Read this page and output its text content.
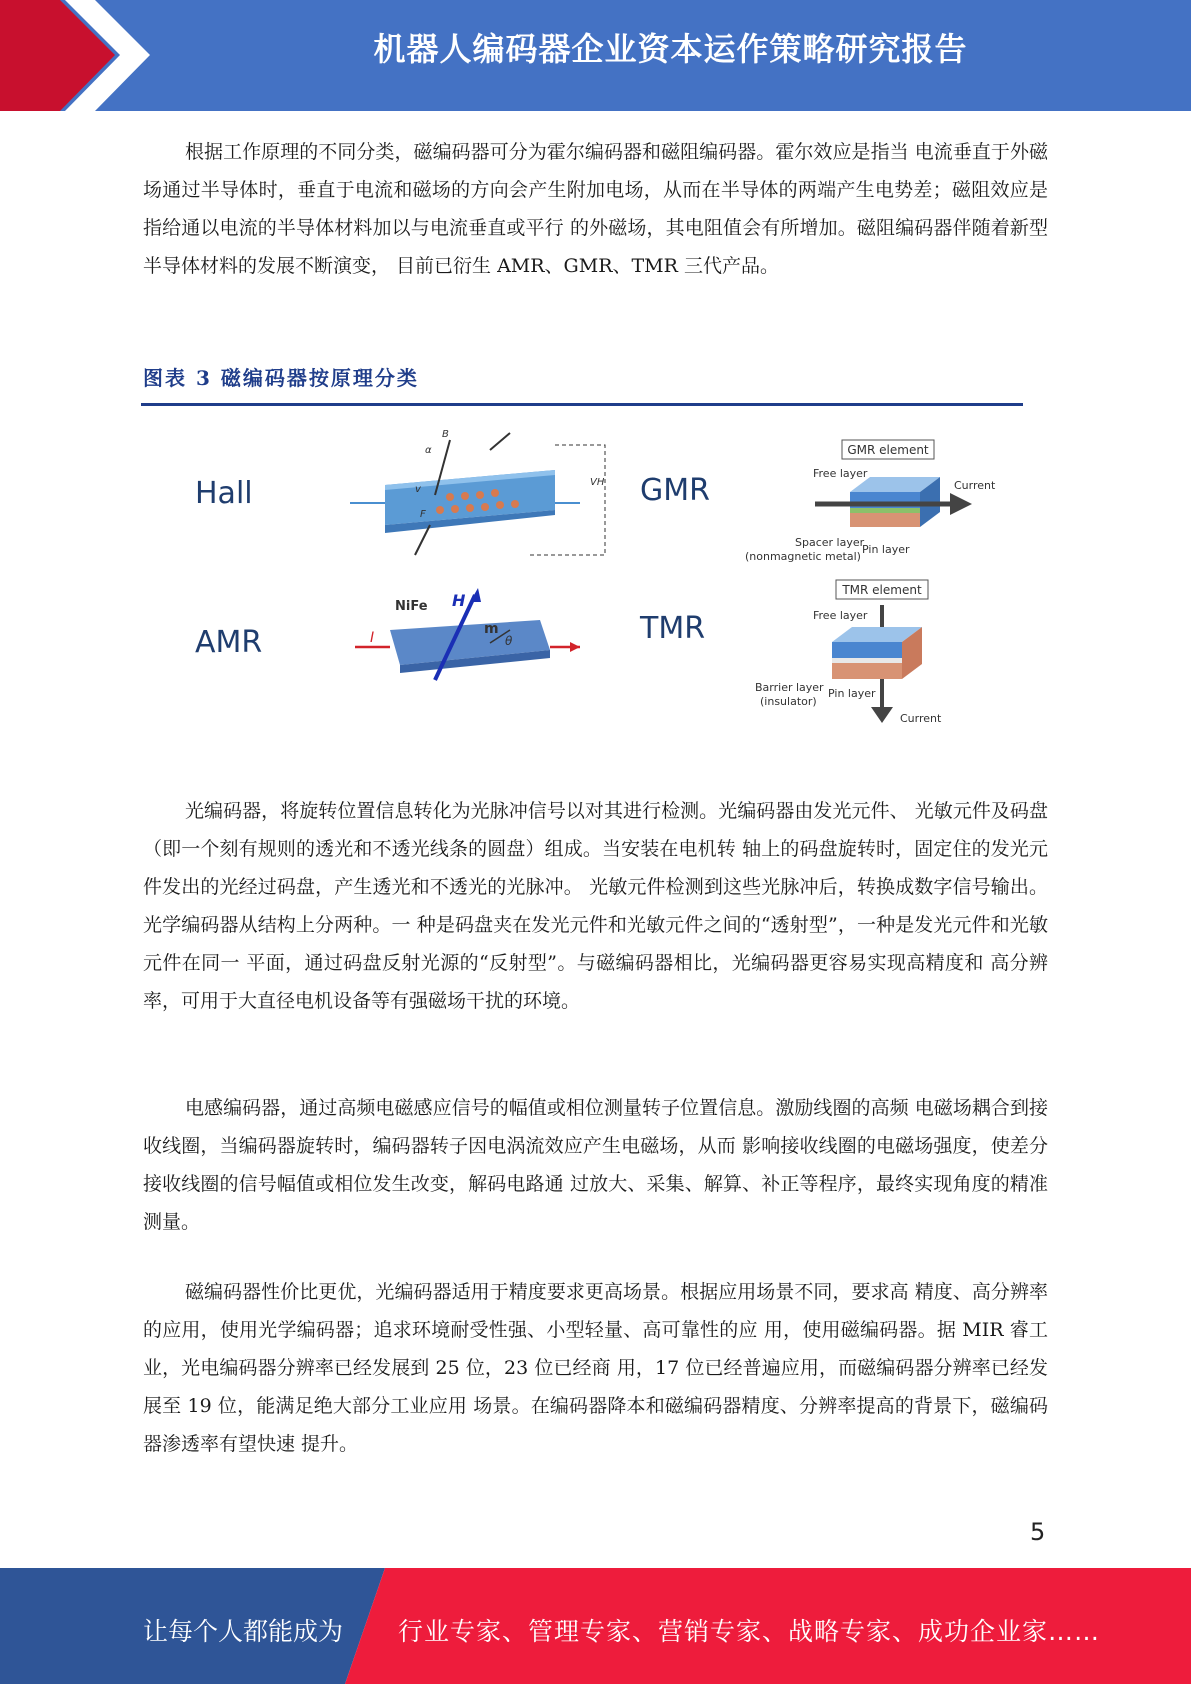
机器人编码器企业资本运作策略研究报告

根据工作原理的不同分类，磁编码器可分为霍尔编码器和磁阻编码器。霍尔效应是指当 电流垂直于外磁场通过半导体时，垂直于电流和磁场的方向会产生附加电场，从而在半导体的两端产生电势差；磁阻效应是指给通以电流的半导体材料加以与电流垂直或平行 的外磁场，其电阻值会有所增加。磁阻编码器伴随着新型半导体材料的发展不断演变， 目前已衍生 AMR、GMR、TMR 三代产品。

图表 3 磁编码器按原理分类
Hall
B
α
v
F
VH
AMR
NiFe H
I
m
θ
GMR
GMR element
Free layer
Current
Spacer layer
(nonmagnetic metal)
Pin layer
TMR
TMR element
Free layer
Barrier layer
(insulator)
Pin layer
Current

光编码器，将旋转位置信息转化为光脉冲信号以对其进行检测。光编码器由发光元件、 光敏元件及码盘（即一个刻有规则的透光和不透光线条的圆盘）组成。当安装在电机转 轴上的码盘旋转时，固定住的发光元件发出的光经过码盘，产生透光和不透光的光脉冲。 光敏元件检测到这些光脉冲后，转换成数字信号输出。光学编码器从结构上分两种。一 种是码盘夹在发光元件和光敏元件之间的“透射型”，一种是发光元件和光敏元件在同一 平面，通过码盘反射光源的“反射型”。与磁编码器相比，光编码器更容易实现高精度和 高分辨率，可用于大直径电机设备等有强磁场干扰的环境。

电感编码器，通过高频电磁感应信号的幅值或相位测量转子位置信息。激励线圈的高频 电磁场耦合到接收线圈，当编码器旋转时，编码器转子因电涡流效应产生电磁场，从而 影响接收线圈的电磁场强度，使差分接收线圈的信号幅值或相位发生改变，解码电路通 过放大、采集、解算、补正等程序，最终实现角度的精准测量。

磁编码器性价比更优，光编码器适用于精度要求更高场景。根据应用场景不同，要求高 精度、高分辨率的应用，使用光学编码器；追求环境耐受性强、小型轻量、高可靠性的应 用，使用磁编码器。据 MIR 睿工业，光电编码器分辨率已经发展到 25 位，23 位已经商 用，17 位已经普遍应用，而磁编码器分辨率已经发展至 19 位，能满足绝大部分工业应用 场景。在编码器降本和磁编码器精度、分辨率提高的背景下，磁编码器渗透率有望快速 提升。

5
让每个人都能成为 行业专家、管理专家、营销专家、战略专家、成功企业家……
